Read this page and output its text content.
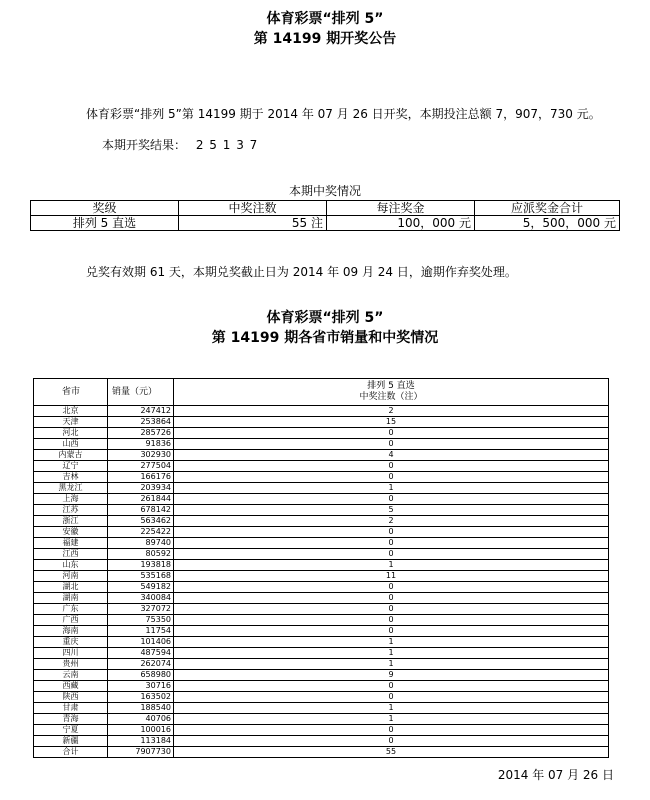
体育彩票“排列 5”
第 14199 期开奖公告
体育彩票“排列 5”第 14199 期于 2014 年 07 月 26 日开奖，本期投注总额 7，907，730 元。
本期开奖结果： 2 5 1 3 7
本期中奖情况
奖级	中奖注数	每注奖金	应派奖金合计
排列 5 直选	55 注	100，000 元	5，500，000 元
兑奖有效期 61 天，本期兑奖截止日为 2014 年 09 月 24 日，逾期作弃奖处理。
体育彩票“排列 5”
第 14199 期各省市销量和中奖情况
省市	销量（元）	排列 5 直选
中奖注数（注）

北京	247412	2
天津	253864	15
河北	285726	0
山西	91836	0
内蒙古	302930	4
辽宁	277504	0
吉林	166176	0
黑龙江	203934	1
上海	261844	0
江苏	678142	5
浙江	563462	2
安徽	225422	0
福建	89740	0
江西	80592	0
山东	193818	1
河南	535168	11
湖北	549182	0
湖南	340084	0
广东	327072	0
广西	75350	0
海南	11754	0
重庆	101406	1
四川	487594	1
贵州	262074	1
云南	658980	9
西藏	30716	0
陕西	163502	0
甘肃	188540	1
青海	40706	1
宁夏	100016	0
新疆	113184	0
合计	7907730	55
2014 年 07 月 26 日
